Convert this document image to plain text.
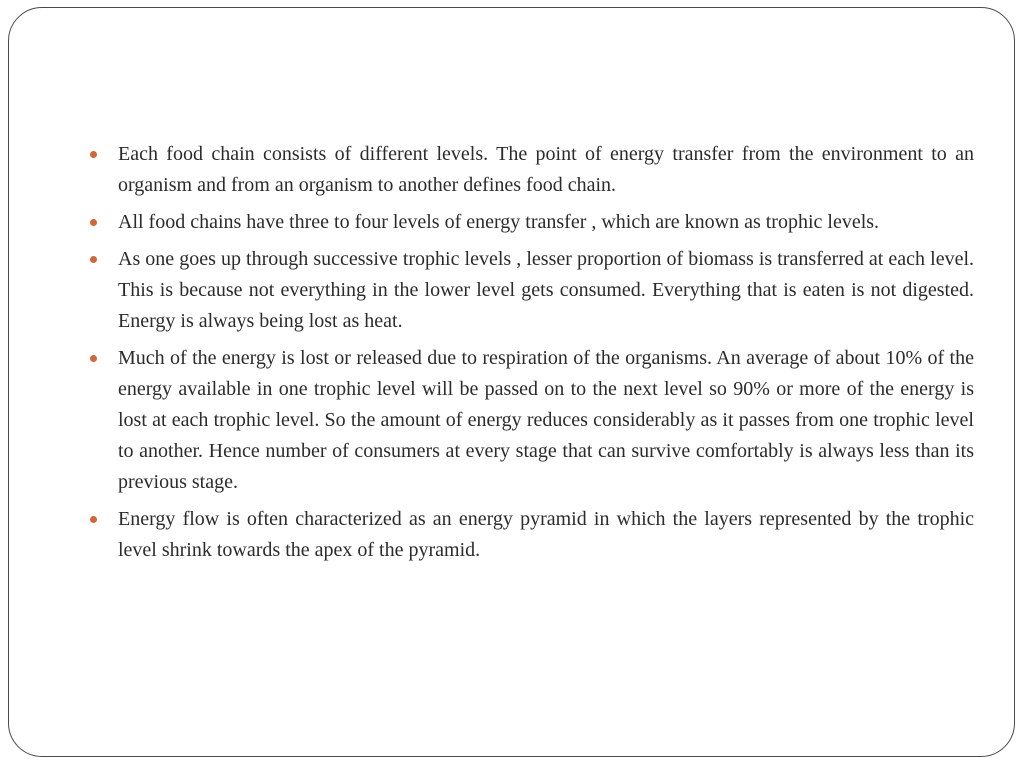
Each food chain consists of different levels. The point of energy transfer from the environment to an organism and from an organism to another defines food chain.
All food chains have three to four levels of energy transfer , which are known as trophic levels.
As one goes up through successive trophic levels , lesser proportion of biomass is transferred at each level. This is because not everything in the lower level gets consumed. Everything that is eaten is not digested. Energy is always being lost as heat.
Much of the energy is lost or released due to respiration of the organisms. An average of about 10% of the energy available in one trophic level will be passed on to the next level so 90% or more of the energy is lost at each trophic level. So the amount of energy reduces considerably as it passes from one trophic level to another. Hence number of consumers at every stage that can survive comfortably is always less than its previous stage.
Energy flow is often characterized as an energy pyramid in which the layers represented by the trophic level shrink towards the apex of the pyramid.
